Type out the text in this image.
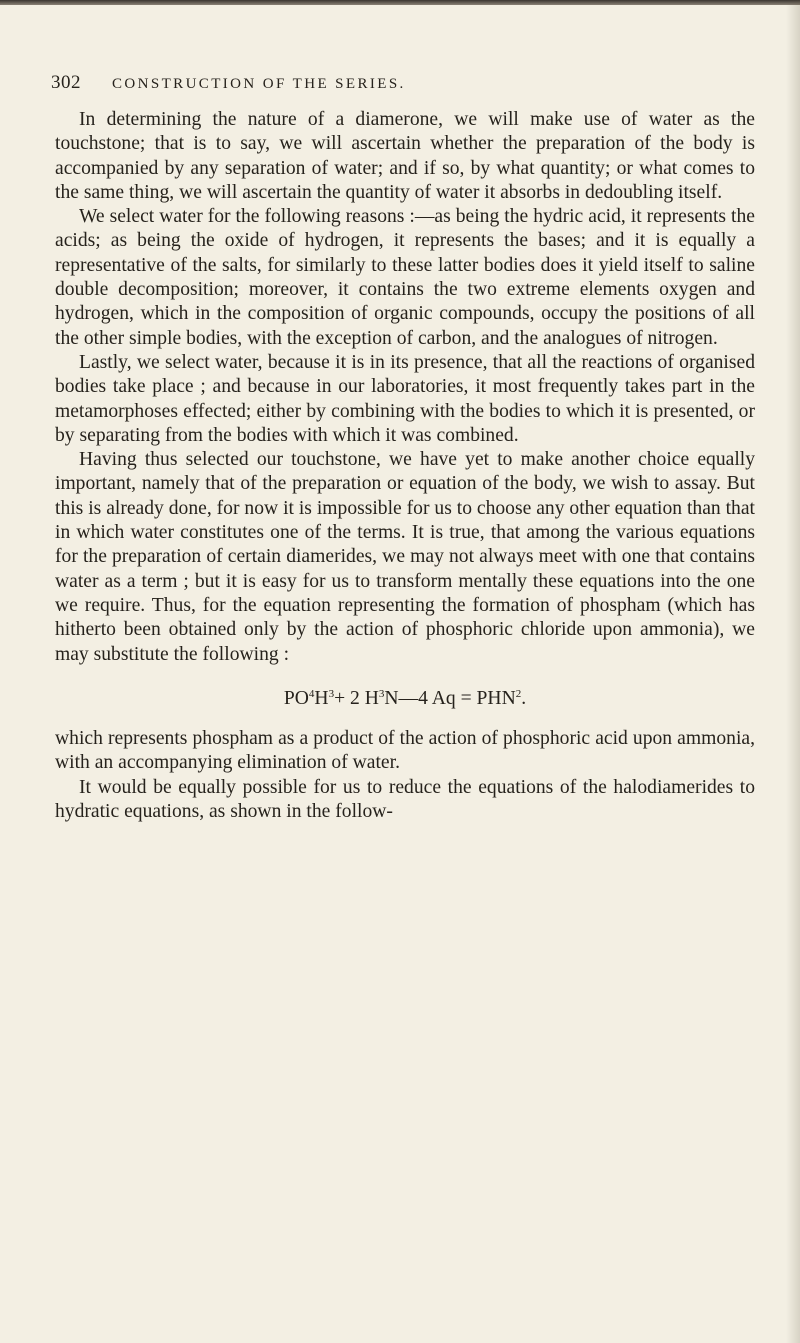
302 CONSTRUCTION OF THE SERIES.

In determining the nature of a diamerone, we will make use of water as the touchstone; that is to say, we will ascertain whether the preparation of the body is accompanied by any separation of water; and if so, by what quantity; or what comes to the same thing, we will ascertain the quantity of water it absorbs in dedoubling itself.

We select water for the following reasons :—as being the hydric acid, it represents the acids; as being the oxide of hydrogen, it represents the bases; and it is equally a representative of the salts, for similarly to these latter bodies does it yield itself to saline double decomposition; moreover, it contains the two extreme elements oxygen and hydrogen, which in the composition of organic compounds, occupy the positions of all the other simple bodies, with the exception of carbon, and the analogues of nitrogen.

Lastly, we select water, because it is in its presence, that all the reactions of organised bodies take place ; and because in our laboratories, it most frequently takes part in the metamorphoses effected; either by combining with the bodies to which it is presented, or by separating from the bodies with which it was combined.

Having thus selected our touchstone, we have yet to make another choice equally important, namely that of the preparation or equation of the body, we wish to assay. But this is already done, for now it is impossible for us to choose any other equation than that in which water constitutes one of the terms. It is true, that among the various equations for the preparation of certain diamerides, we may not always meet with one that contains water as a term ; but it is easy for us to transform mentally these equations into the one we require. Thus, for the equation representing the formation of phospham (which has hitherto been obtained only by the action of phosphoric chloride upon ammonia), we may substitute the following :

$PO^4H^3+ 2$ $H^3N—4$ $Aq = PHN^2$.

which represents phospham as a product of the action of phosphoric acid upon ammonia, with an accompanying elimination of water.

It would be equally possible for us to reduce the equations of the halodiamerides to hydratic equations, as shown in the follow-
